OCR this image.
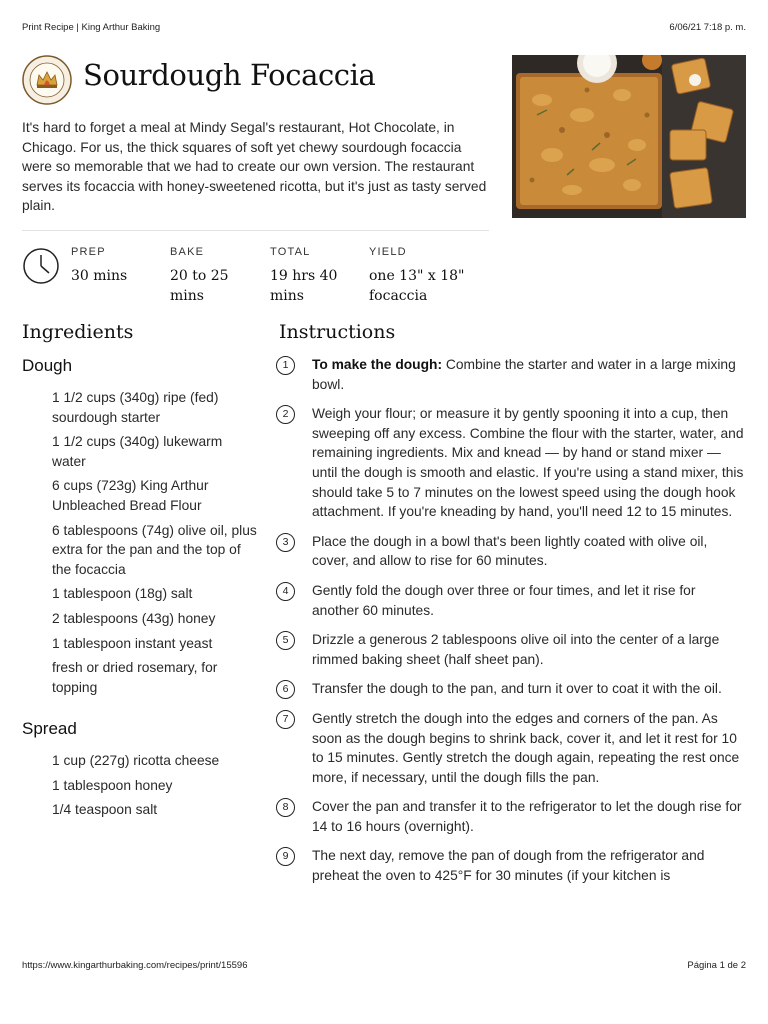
Print Recipe | King Arthur Baking	6/06/21 7:18 p. m.
Sourdough Focaccia

It's hard to forget a meal at Mindy Segal's restaurant, Hot Chocolate, in Chicago. For us, the thick squares of soft yet chewy sourdough focaccia were so memorable that we had to create our own version. The restaurant serves its focaccia with honey-sweetened ricotta, but it's just as tasty served plain.

PREP
30 mins
BAKE
20 to 25 mins
TOTAL
19 hrs 40 mins
YIELD
one 13" x 18" focaccia
Ingredients
Dough
1 1/2 cups (340g) ripe (fed) sourdough starter
1 1/2 cups (340g) lukewarm water
6 cups (723g) King Arthur Unbleached Bread Flour
6 tablespoons (74g) olive oil, plus extra for the pan and the top of the focaccia
1 tablespoon (18g) salt
2 tablespoons (43g) honey
1 tablespoon instant yeast
fresh or dried rosemary, for topping
Spread
1 cup (227g) ricotta cheese
1 tablespoon honey
1/4 teaspoon salt
Instructions
1	To make the dough: Combine the starter and water in a large mixing bowl.
2	Weigh your flour; or measure it by gently spooning it into a cup, then sweeping off any excess. Combine the flour with the starter, water, and remaining ingredients. Mix and knead — by hand or stand mixer — until the dough is smooth and elastic. If you're using a stand mixer, this should take 5 to 7 minutes on the lowest speed using the dough hook attachment. If you're kneading by hand, you'll need 12 to 15 minutes.
3	Place the dough in a bowl that's been lightly coated with olive oil, cover, and allow to rise for 60 minutes.
4	Gently fold the dough over three or four times, and let it rise for another 60 minutes.
5	Drizzle a generous 2 tablespoons olive oil into the center of a large rimmed baking sheet (half sheet pan).
6	Transfer the dough to the pan, and turn it over to coat it with the oil.
7	Gently stretch the dough into the edges and corners of the pan. As soon as the dough begins to shrink back, cover it, and let it rest for 10 to 15 minutes. Gently stretch the dough again, repeating the rest once more, if necessary, until the dough fills the pan.
8	Cover the pan and transfer it to the refrigerator to let the dough rise for 14 to 16 hours (overnight).
9	The next day, remove the pan of dough from the refrigerator and preheat the oven to 425°F for 30 minutes (if your kitchen is
https://www.kingarthurbaking.com/recipes/print/15596	Página 1 de 2
